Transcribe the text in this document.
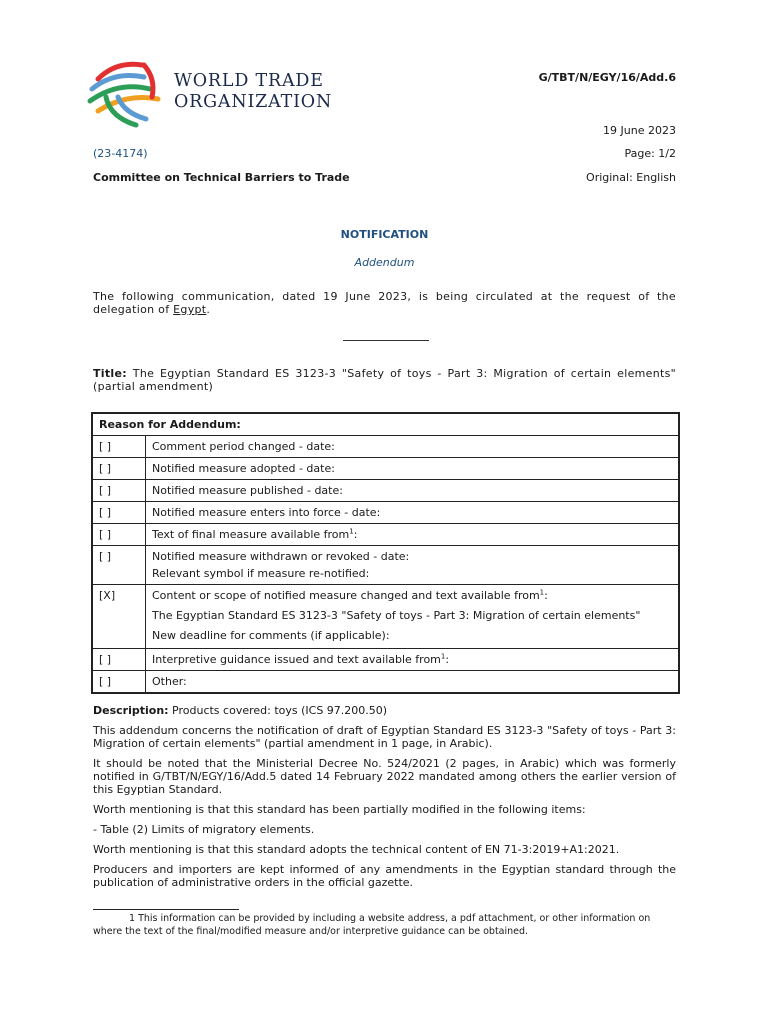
WORLD TRADE
ORGANIZATION
G/TBT/N/EGY/16/Add.6
19 June 2023
(23-4174)	Page: 1/2
Committee on Technical Barriers to Trade	Original: English
NOTIFICATION
Addendum

The following communication, dated 19 June 2023, is being circulated at the request of the delegation of Egypt.

Title: The Egyptian Standard ES 3123-3 "Safety of toys - Part 3: Migration of certain elements"(partial amendment)

Reason for Addendum:	
[ ]	Comment period changed - date:
[ ]	Notified measure adopted - date:
[ ]	Notified measure published - date:
[ ]	Notified measure enters into force - date:
[ ]	Text of final measure available from$^1$:
[ ]	Notified measure withdrawn or revoked - date:
Relevant symbol if measure re-notified:

[X]	Content or scope of notified measure changed and text available from$^1$:
The Egyptian Standard ES 3123-3 "Safety of toys - Part 3: Migration of certain elements"
New deadline for comments (if applicable):

[ ]	Interpretive guidance issued and text available from$^1$:
[ ]	Other:

Description: Products covered: toys (ICS 97.200.50)

This addendum concerns the notification of draft of Egyptian Standard ES 3123-3 "Safety of toys - Part 3: Migration of certain elements" (partial amendment in 1 page, in Arabic).

It should be noted that the Ministerial Decree No. 524/2021 (2 pages, in Arabic) which was formerly notified in G/TBT/N/EGY/16/Add.5 dated 14 February 2022 mandated among others the earlier version of this Egyptian Standard.

Worth mentioning is that this standard has been partially modified in the following items:

- Table (2) Limits of migratory elements.

Worth mentioning is that this standard adopts the technical content of EN 71-3:2019+A1:2021.

Producers and importers are kept informed of any amendments in the Egyptian standard through the publication of administrative orders in the official gazette.

1 This information can be provided by including a website address, a pdf attachment, or other information on where the text of the final/modified measure and/or interpretive guidance can be obtained.
